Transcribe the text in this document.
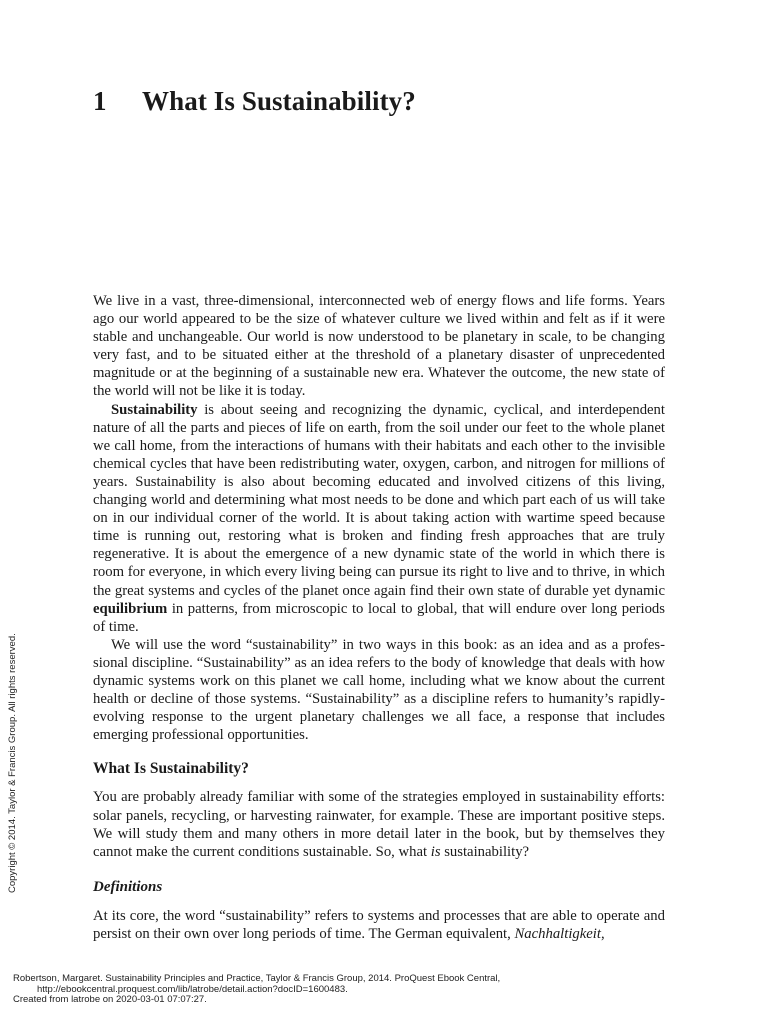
1 What Is Sustainability?

We live in a vast, three-dimensional, interconnected web of energy flows and life forms. Years ago our world appeared to be the size of whatever culture we lived within and felt as if it were stable and unchangeable. Our world is now understood to be planetary in scale, to be changing very fast, and to be situated either at the threshold of a planetary disaster of unprecedented magnitude or at the beginning of a sustainable new era. Whatever the outcome, the new state of the world will not be like it is today.

Sustainability is about seeing and recognizing the dynamic, cyclical, and interdependent nature of all the parts and pieces of life on earth, from the soil under our feet to the whole planet we call home, from the interactions of humans with their habitats and each other to the invisible chemical cycles that have been redistributing water, oxygen, carbon, and nitrogen for millions of years. Sustainability is also about becoming educated and involved citizens of this living, changing world and determining what most needs to be done and which part each of us will take on in our individual corner of the world. It is about taking action with wartime speed because time is running out, restoring what is broken and finding fresh approaches that are truly regenerative. It is about the emergence of a new dynamic state of the world in which there is room for everyone, in which every living being can pursue its right to live and to thrive, in which the great systems and cycles of the planet once again find their own state of durable yet dynamic equilibrium in patterns, from microscopic to local to global, that will endure over long periods of time.

We will use the word “sustainability” in two ways in this book: as an idea and as a professional discipline. “Sustainability” as an idea refers to the body of knowledge that deals with how dynamic systems work on this planet we call home, including what we know about the current health or decline of those systems. “Sustainability” as a discipline refers to humanity’s rapidly-evolving response to the urgent planetary challenges we all face, a response that includes emerging professional opportunities.

What Is Sustainability?

You are probably already familiar with some of the strategies employed in sustainability efforts: solar panels, recycling, or harvesting rainwater, for example. These are important positive steps. We will study them and many others in more detail later in the book, but by themselves they cannot make the current conditions sustainable. So, what is sustainability?

Definitions

At its core, the word “sustainability” refers to systems and processes that are able to operate and persist on their own over long periods of time. The German equivalent, Nachhaltigkeit,

Copyright © 2014. Taylor & Francis Group. All rights reserved.
Robertson, Margaret. Sustainability Principles and Practice, Taylor & Francis Group, 2014. ProQuest Ebook Central,
http://ebookcentral.proquest.com/lib/latrobe/detail.action?docID=1600483.
Created from latrobe on 2020-03-01 07:07:27.
